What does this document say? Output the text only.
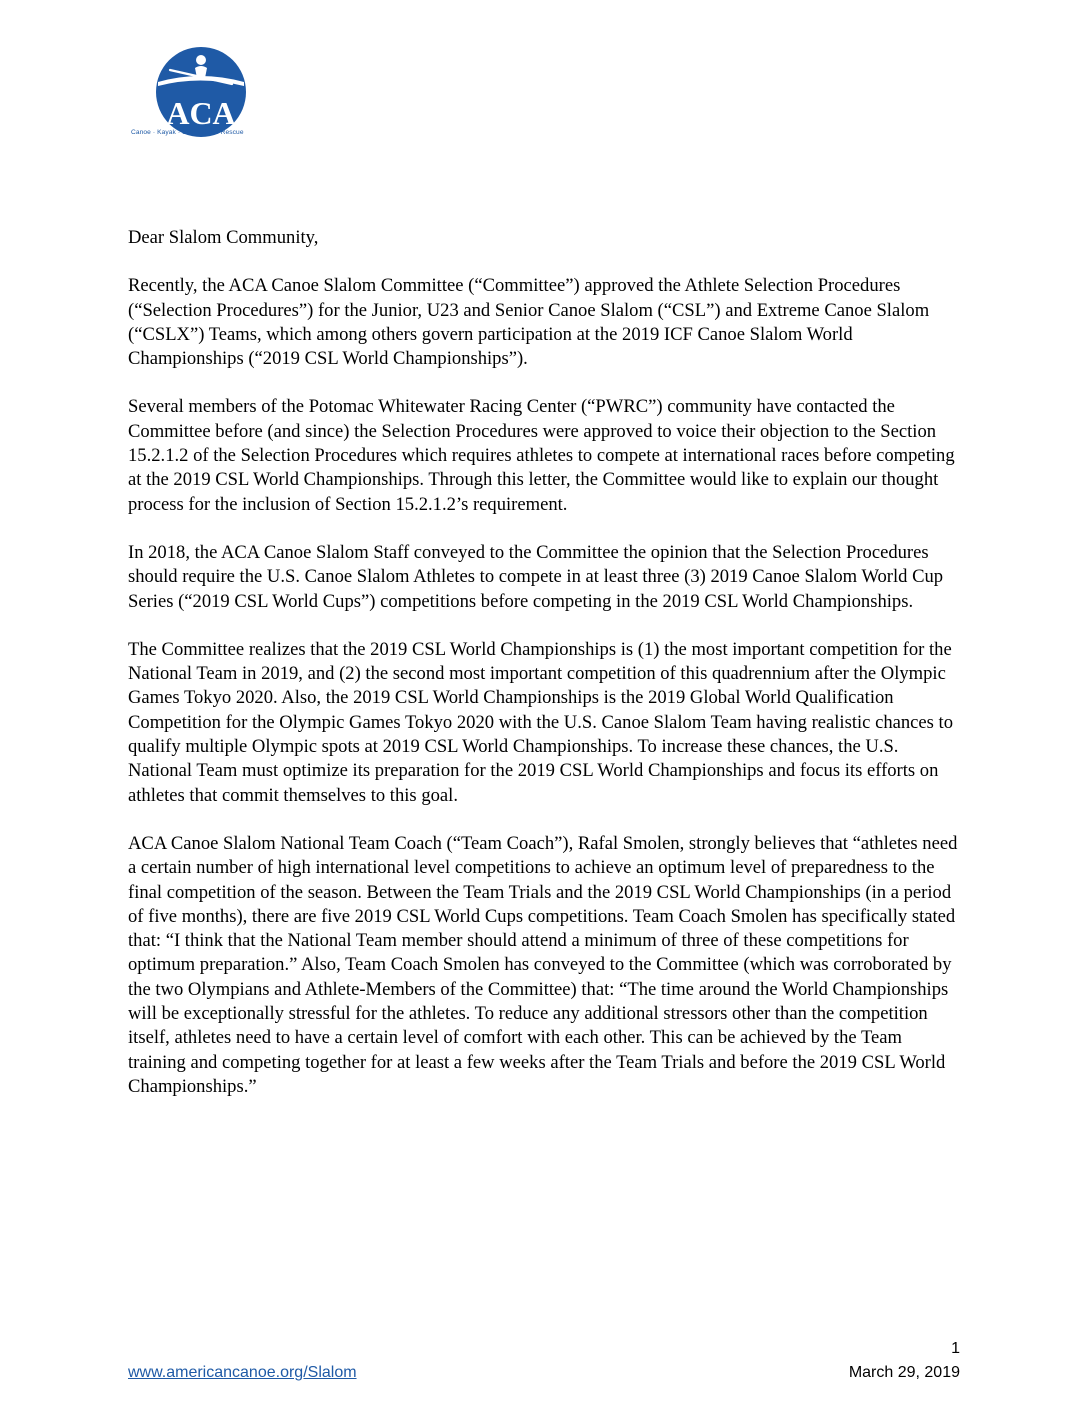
ACA
Canoe · Kayak · SUP · Raft · Rescue

Dear Slalom Community,

Recently, the ACA Canoe Slalom Committee (“Committee”) approved the Athlete Selection Procedures (“Selection Procedures”) for the Junior, U23 and Senior Canoe Slalom (“CSL”) and Extreme Canoe Slalom (“CSLX”) Teams, which among others govern participation at the 2019 ICF Canoe Slalom World Championships (“2019 CSL World Championships”).

Several members of the Potomac Whitewater Racing Center (“PWRC”) community have contacted the Committee before (and since) the Selection Procedures were approved to voice their objection to the Section 15.2.1.2 of the Selection Procedures which requires athletes to compete at international races before competing at the 2019 CSL World Championships. Through this letter, the Committee would like to explain our thought process for the inclusion of Section 15.2.1.2’s requirement.

In 2018, the ACA Canoe Slalom Staff conveyed to the Committee the opinion that the Selection Procedures should require the U.S. Canoe Slalom Athletes to compete in at least three (3) 2019 Canoe Slalom World Cup Series (“2019 CSL World Cups”) competitions before competing in the 2019 CSL World Championships.

The Committee realizes that the 2019 CSL World Championships is (1) the most important competition for the National Team in 2019, and (2) the second most important competition of this quadrennium after the Olympic Games Tokyo 2020. Also, the 2019 CSL World Championships is the 2019 Global World Qualification Competition for the Olympic Games Tokyo 2020 with the U.S. Canoe Slalom Team having realistic chances to qualify multiple Olympic spots at 2019 CSL World Championships. To increase these chances, the U.S. National Team must optimize its preparation for the 2019 CSL World Championships and focus its efforts on athletes that commit themselves to this goal.

ACA Canoe Slalom National Team Coach (“Team Coach”), Rafal Smolen, strongly believes that “athletes need a certain number of high international level competitions to achieve an optimum level of preparedness to the final competition of the season. Between the Team Trials and the 2019 CSL World Championships (in a period of five months), there are five 2019 CSL World Cups competitions. Team Coach Smolen has specifically stated that: “I think that the National Team member should attend a minimum of three of these competitions for optimum preparation.” Also, Team Coach Smolen has conveyed to the Committee (which was corroborated by the two Olympians and Athlete-Members of the Committee) that: “The time around the World Championships will be exceptionally stressful for the athletes. To reduce any additional stressors other than the competition itself, athletes need to have a certain level of comfort with each other. This can be achieved by the Team training and competing together for at least a few weeks after the Team Trials and before the 2019 CSL World Championships.”

1
www.americancanoe.org/Slalom	March 29, 2019
